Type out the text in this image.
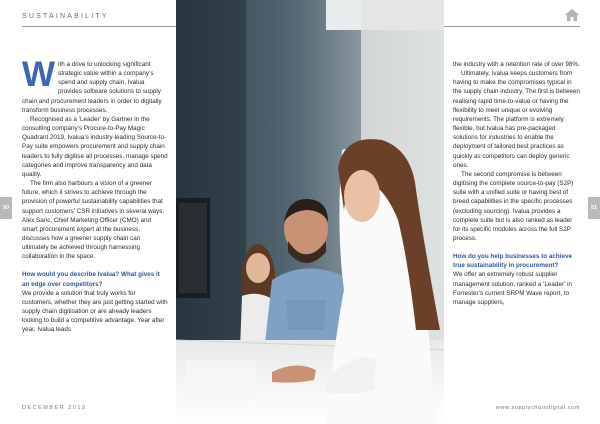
SUSTAINABILITY

With a drive to unlocking significant strategic value within a company’s spend and supply chain, Ivalua provides software solutions to supply chain and procurement leaders in order to digitally transform business processes.

Recognised as a ‘Leader’ by Gartner in the consulting company’s Procure-to-Pay Magic Quadrant 2019, Ivalua’s industry-leading Source-to-Pay suite empowers procurement and supply chain leaders to fully digitise all processes, manage spend categories and improve transparency and data quality.

The firm also harbours a vision of a greener future, which it strives to achieve through the provision of powerful sustainability capabilities that support customers’ CSR initiatives in several ways. Alex Saric, Chief Marketing Officer (CMO) and smart procurement expert at the business, discusses how a greener supply chain can ultimately be achieved through harnessing collaboration in the space.

How would you describe Ivalua? What gives it an edge over competitors?

We provide a solution that truly works for customers, whether they are just getting started with supply chain digitisation or are already leaders looking to build a competitive advantage. Year after year, Ivalua leads

the industry with a retention rate of over 98%.

Ultimately, Ivalua keeps customers from having to make the compromises typical in the supply chain industry. The first is between realising rapid time-to-value or having the flexibility to meet unique or evolving requirements. The platform is extremely flexible, but Ivalua has pre-packaged solutions for industries to enable the deployment of tailored best practices as quickly as competitors can deploy generic ones.

The second compromise is between digitising the complete source-to-pay (S2P) suite with a unified suite or having best of breed capabilities in the specific processes (excluding sourcing). Ivalua provides a complete suite but is also ranked as leader for its specific modules across the full S2P process.

How do you help businesses to achieve true sustainability in procurement?

We offer an extremely robust supplier management solution, ranked a ‘Leader’ in Forrester’s current SRPM Wave report, to manage suppliers,

50	51
DECEMBER 2019	www.supplychaindigital.com
